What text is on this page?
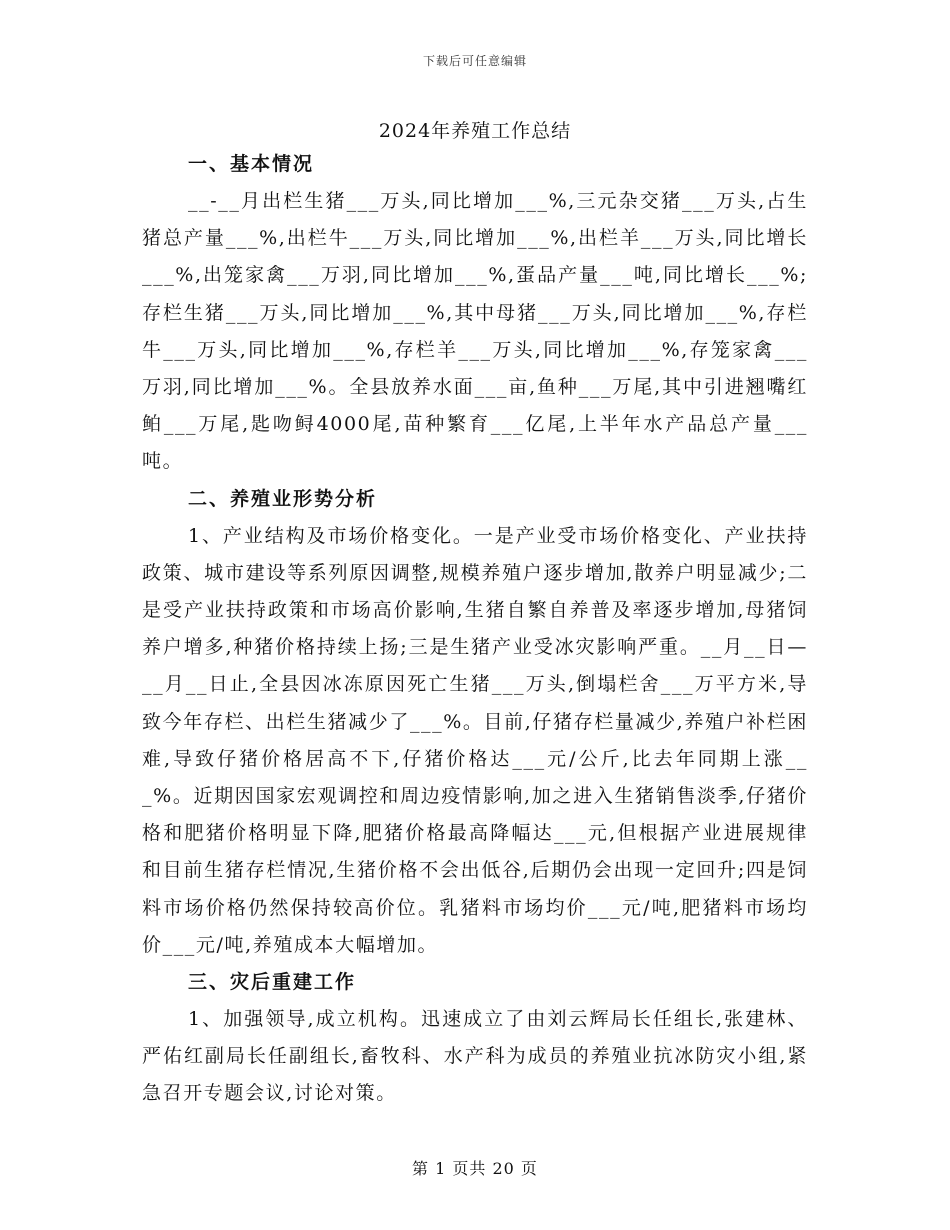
下载后可任意编辑
2024年养殖工作总结
一、基本情况

__-__月出栏生猪___万头,同比增加___%,三元杂交猪___万头,占生猪总产量___%,出栏牛___万头,同比增加___%,出栏羊___万头,同比增长___%,出笼家禽___万羽,同比增加___%,蛋品产量___吨,同比增长___%;存栏生猪___万头,同比增加___%,其中母猪___万头,同比增加___%,存栏牛___万头,同比增加___%,存栏羊___万头,同比增加___%,存笼家禽___万羽,同比增加___%。全县放养水面___亩,鱼种___万尾,其中引进翘嘴红鲌___万尾,匙吻鲟4000尾,苗种繁育___亿尾,上半年水产品总产量___吨。

二、养殖业形势分析

1、产业结构及市场价格变化。一是产业受市场价格变化、产业扶持政策、城市建设等系列原因调整,规模养殖户逐步增加,散养户明显减少;二是受产业扶持政策和市场高价影响,生猪自繁自养普及率逐步增加,母猪饲养户增多,种猪价格持续上扬;三是生猪产业受冰灾影响严重。__月__日—__月__日止,全县因冰冻原因死亡生猪___万头,倒塌栏舍___万平方米,导致今年存栏、出栏生猪减少了___%。目前,仔猪存栏量减少,养殖户补栏困难,导致仔猪价格居高不下,仔猪价格达___元/公斤,比去年同期上涨___%。近期因国家宏观调控和周边疫情影响,加之进入生猪销售淡季,仔猪价格和肥猪价格明显下降,肥猪价格最高降幅达___元,但根据产业进展规律和目前生猪存栏情况,生猪价格不会出低谷,后期仍会出现一定回升;四是饲料市场价格仍然保持较高价位。乳猪料市场均价___元/吨,肥猪料市场均价___元/吨,养殖成本大幅增加。

三、灾后重建工作

1、加强领导,成立机构。迅速成立了由刘云辉局长任组长,张建林、严佑红副局长任副组长,畜牧科、水产科为成员的养殖业抗冰防灾小组,紧急召开专题会议,讨论对策。

第 1 页共 20 页
